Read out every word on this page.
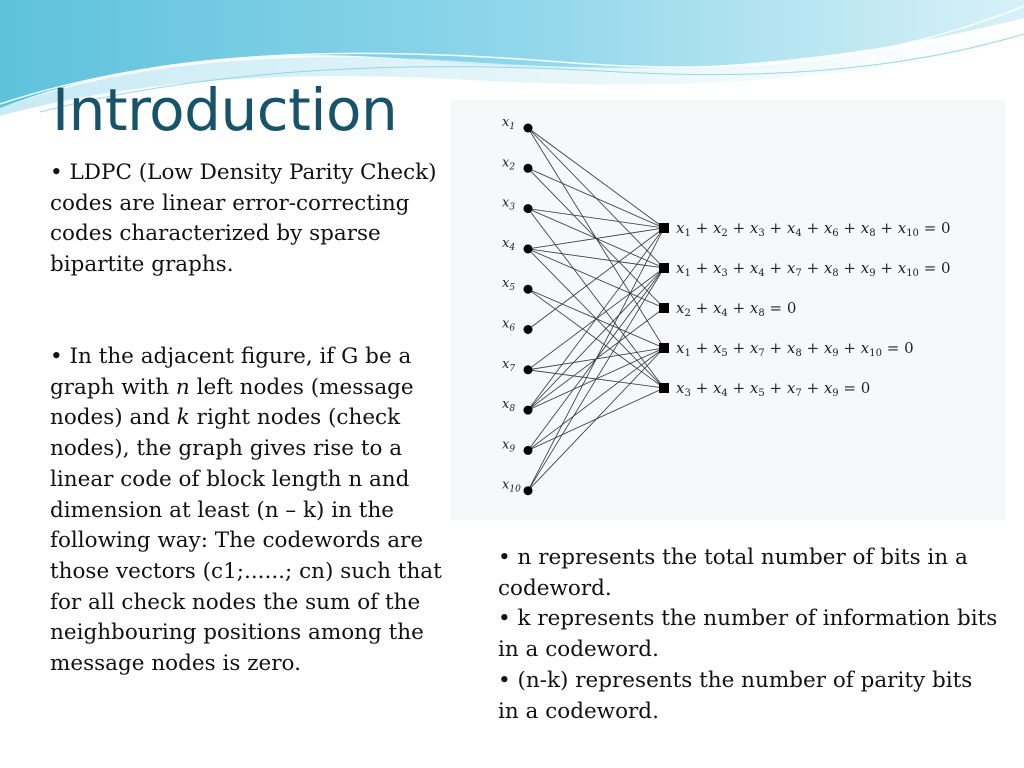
Introduction

• LDPC (Low Density Parity Check) codes are linear error-correcting codes characterized by sparse bipartite graphs.

• In the adjacent figure, if G be a graph with n left nodes (message nodes) and k right nodes (check nodes), the graph gives rise to a linear code of block length n and dimension at least (n – k) in the following way: The codewords are those vectors (c1;......; cn) such that for all check nodes the sum of the neighbouring positions among the message nodes is zero.

$x_1$
$x_2$
$x_3$
$x_4$
$x_5$
$x_6$
$x_7$
$x_8$
$x_9$
$x_{10}$
$x_1 + x_2 + x_3 + x_4 + x_6 + x_8 + x_{10} = 0$
$x_1 + x_3 + x_4 + x_7 + x_8 + x_9 + x_{10} = 0$
$x_2 + x_4 + x_8 = 0$
$x_1 + x_5 + x_7 + x_8 + x_9 + x_{10} = 0$
$x_3 + x_4 + x_5 + x_7 + x_9 = 0$
• n represents the total number of bits in a codeword.
• k represents the number of information bits in a codeword.
• (n-k) represents the number of parity bits in a codeword.
